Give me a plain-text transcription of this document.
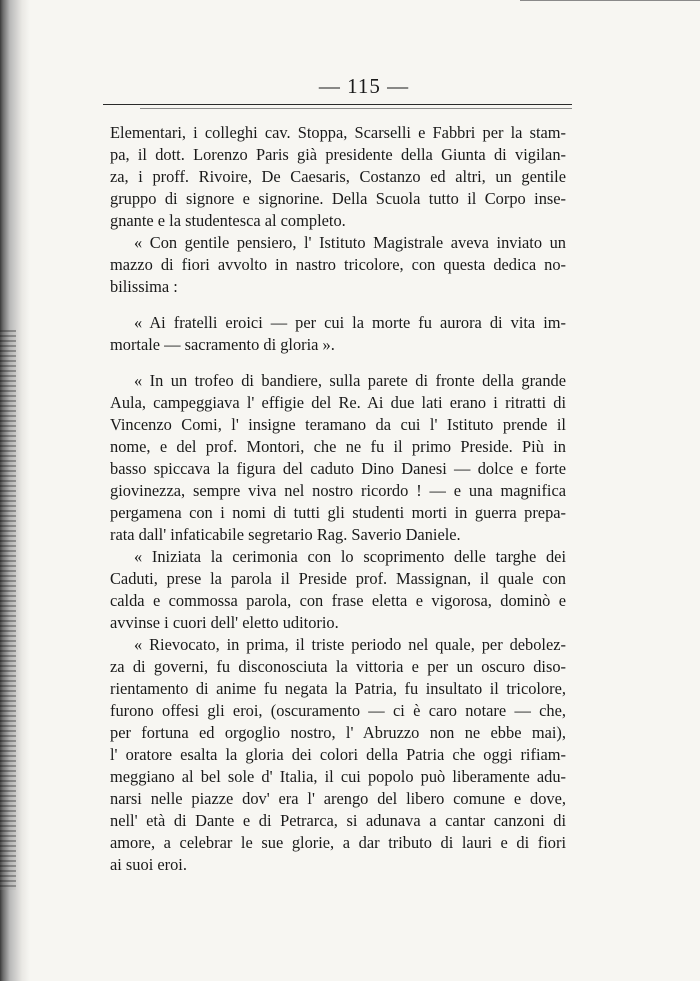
— 115 —

Elementari, i colleghi cav. Stoppa, Scarselli e Fabbri per la stam-
pa, il dott. Lorenzo Paris già presidente della Giunta di vigilan-
za, i proff. Rivoire, De Caesaris, Costanzo ed altri, un gentile
gruppo di signore e signorine. Della Scuola tutto il Corpo inse-
gnante e la studentesca al completo.

« Con gentile pensiero, l' Istituto Magistrale aveva inviato un
mazzo di fiori avvolto in nastro tricolore, con questa dedica no-
bilissima :

« Ai fratelli eroici — per cui la morte fu aurora di vita im-
mortale — sacramento di gloria ».

« In un trofeo di bandiere, sulla parete di fronte della grande
Aula, campeggiava l' effigie del Re. Ai due lati erano i ritratti di
Vincenzo Comi, l' insigne teramano da cui l' Istituto prende il
nome, e del prof. Montori, che ne fu il primo Preside. Più in
basso spiccava la figura del caduto Dino Danesi — dolce e forte
giovinezza, sempre viva nel nostro ricordo ! — e una magnifica
pergamena con i nomi di tutti gli studenti morti in guerra prepa-
rata dall' infaticabile segretario Rag. Saverio Daniele.

« Iniziata la cerimonia con lo scoprimento delle targhe dei
Caduti, prese la parola il Preside prof. Massignan, il quale con
calda e commossa parola, con frase eletta e vigorosa, dominò e
avvinse i cuori dell' eletto uditorio.

« Rievocato, in prima, il triste periodo nel quale, per debolez-
za di governi, fu disconosciuta la vittoria e per un oscuro diso-
rientamento di anime fu negata la Patria, fu insultato il tricolore,
furono offesi gli eroi, (oscuramento — ci è caro notare — che,
per fortuna ed orgoglio nostro, l' Abruzzo non ne ebbe mai),
l' oratore esalta la gloria dei colori della Patria che oggi rifiam-
meggiano al bel sole d' Italia, il cui popolo può liberamente adu-
narsi nelle piazze dov' era l' arengo del libero comune e dove,
nell' età di Dante e di Petrarca, si adunava a cantar canzoni di
amore, a celebrar le sue glorie, a dar tributo di lauri e di fiori
ai suoi eroi.
